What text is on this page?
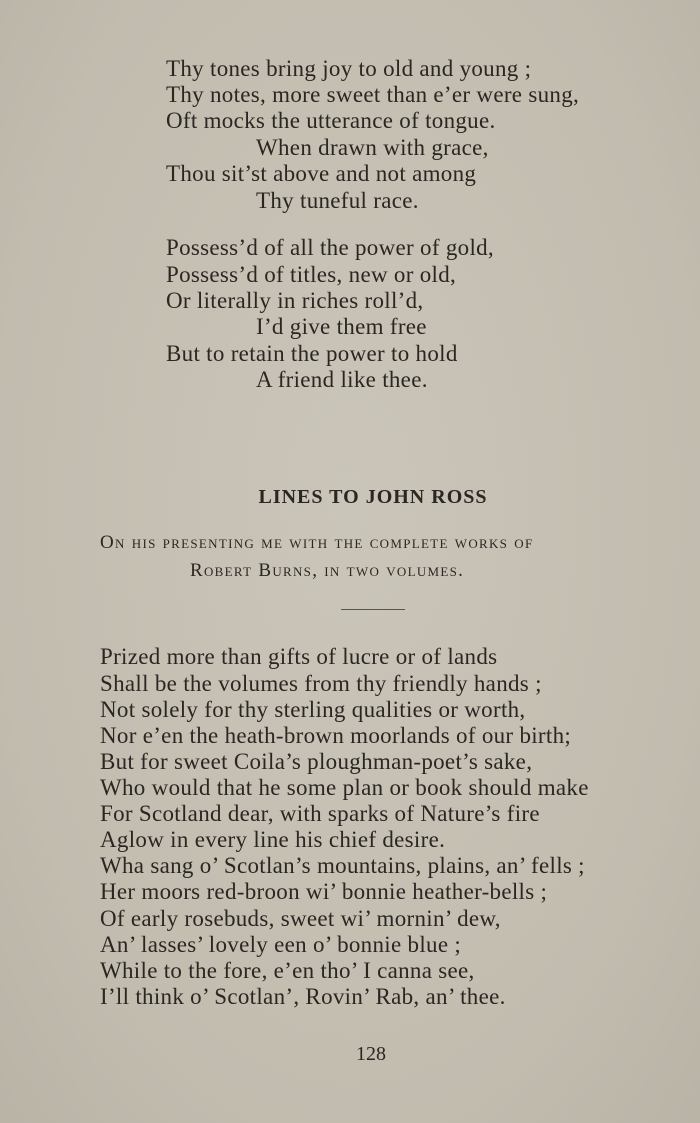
Thy tones bring joy to old and young ;
Thy notes, more sweet than e’er were sung,
Oft mocks the utterance of tongue.
When drawn with grace,
Thou sit’st above and not among
Thy tuneful race.
Possess’d of all the power of gold,
Possess’d of titles, new or old,
Or literally in riches roll’d,
I’d give them free
But to retain the power to hold
A friend like thee.
LINES TO JOHN ROSS
On his presenting me with the complete works of
Robert Burns, in two volumes.
Prized more than gifts of lucre or of lands
Shall be the volumes from thy friendly hands ;
Not solely for thy sterling qualities or worth,
Nor e’en the heath-brown moorlands of our birth;
But for sweet Coila’s ploughman-poet’s sake,
Who would that he some plan or book should make
For Scotland dear, with sparks of Nature’s fire
Aglow in every line his chief desire.
Wha sang o’ Scotlan’s mountains, plains, an’ fells ;
Her moors red-broon wi’ bonnie heather-bells ;
Of early rosebuds, sweet wi’ mornin’ dew,
An’ lasses’ lovely een o’ bonnie blue ;
While to the fore, e’en tho’ I canna see,
I’ll think o’ Scotlan’, Rovin’ Rab, an’ thee.
128
